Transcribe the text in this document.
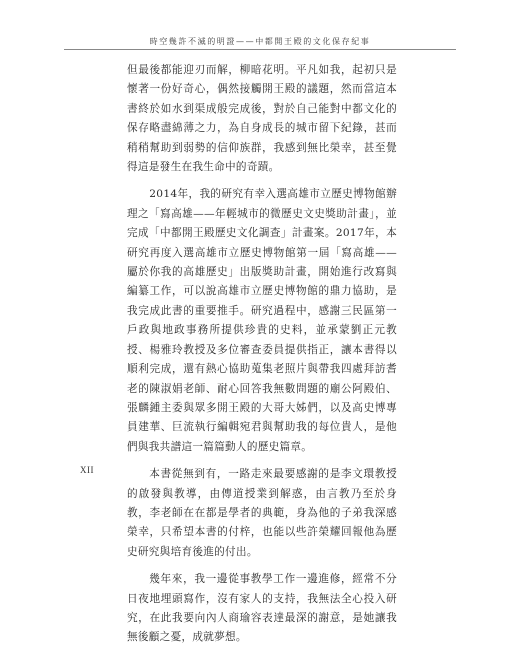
時空幾許不滅的明證——中都開王殿的文化保存紀事

但最後都能迎刃而解，柳暗花明。平凡如我，起初只是懷著一份好奇心，偶然接觸開王殿的議題，然而當這本書終於如水到渠成般完成後，對於自己能對中都文化的保存略盡綿薄之力，為自身成長的城市留下紀錄，甚而稍稍幫助到弱勢的信仰族群，我感到無比榮幸，甚至覺得這是發生在我生命中的奇蹟。

2014年，我的研究有幸入選高雄市立歷史博物館辦理之「寫高雄——年輕城市的微歷史文史獎助計畫」，並完成「中都開王殿歷史文化調查」計畫案。2017年，本研究再度入選高雄市立歷史博物館第一屆「寫高雄——屬於你我的高雄歷史」出版獎助計畫，開始進行改寫與編纂工作，可以說高雄市立歷史博物館的鼎力協助，是我完成此書的重要推手。研究過程中，感謝三民區第一戶政與地政事務所提供珍貴的史料，並承蒙劉正元教授、楊雅玲教授及多位審查委員提供指正，讓本書得以順利完成，還有熱心協助蒐集老照片與帶我四處拜訪耆老的陳淑娟老師、耐心回答我無數問題的廟公阿殿伯、張麟鍾主委與眾多開王殿的大哥大姊們，以及高史博專員建華、巨流執行編輯宛君與幫助我的每位貴人，是他們與我共譜這一篇篇動人的歷史篇章。

本書從無到有，一路走來最要感謝的是李文環教授的啟發與教導，由傳道授業到解惑，由言教乃至於身教，李老師在在都是學者的典範，身為他的子弟我深感榮幸，只希望本書的付梓，也能以些許榮耀回報他為歷史研究與培育後進的付出。

幾年來，我一邊從事教學工作一邊進修，經常不分日夜地埋頭寫作，沒有家人的支持，我無法全心投入研究，在此我要向內人商瑜容表達最深的謝意，是她讓我無後顧之憂，成就夢想。

XII
